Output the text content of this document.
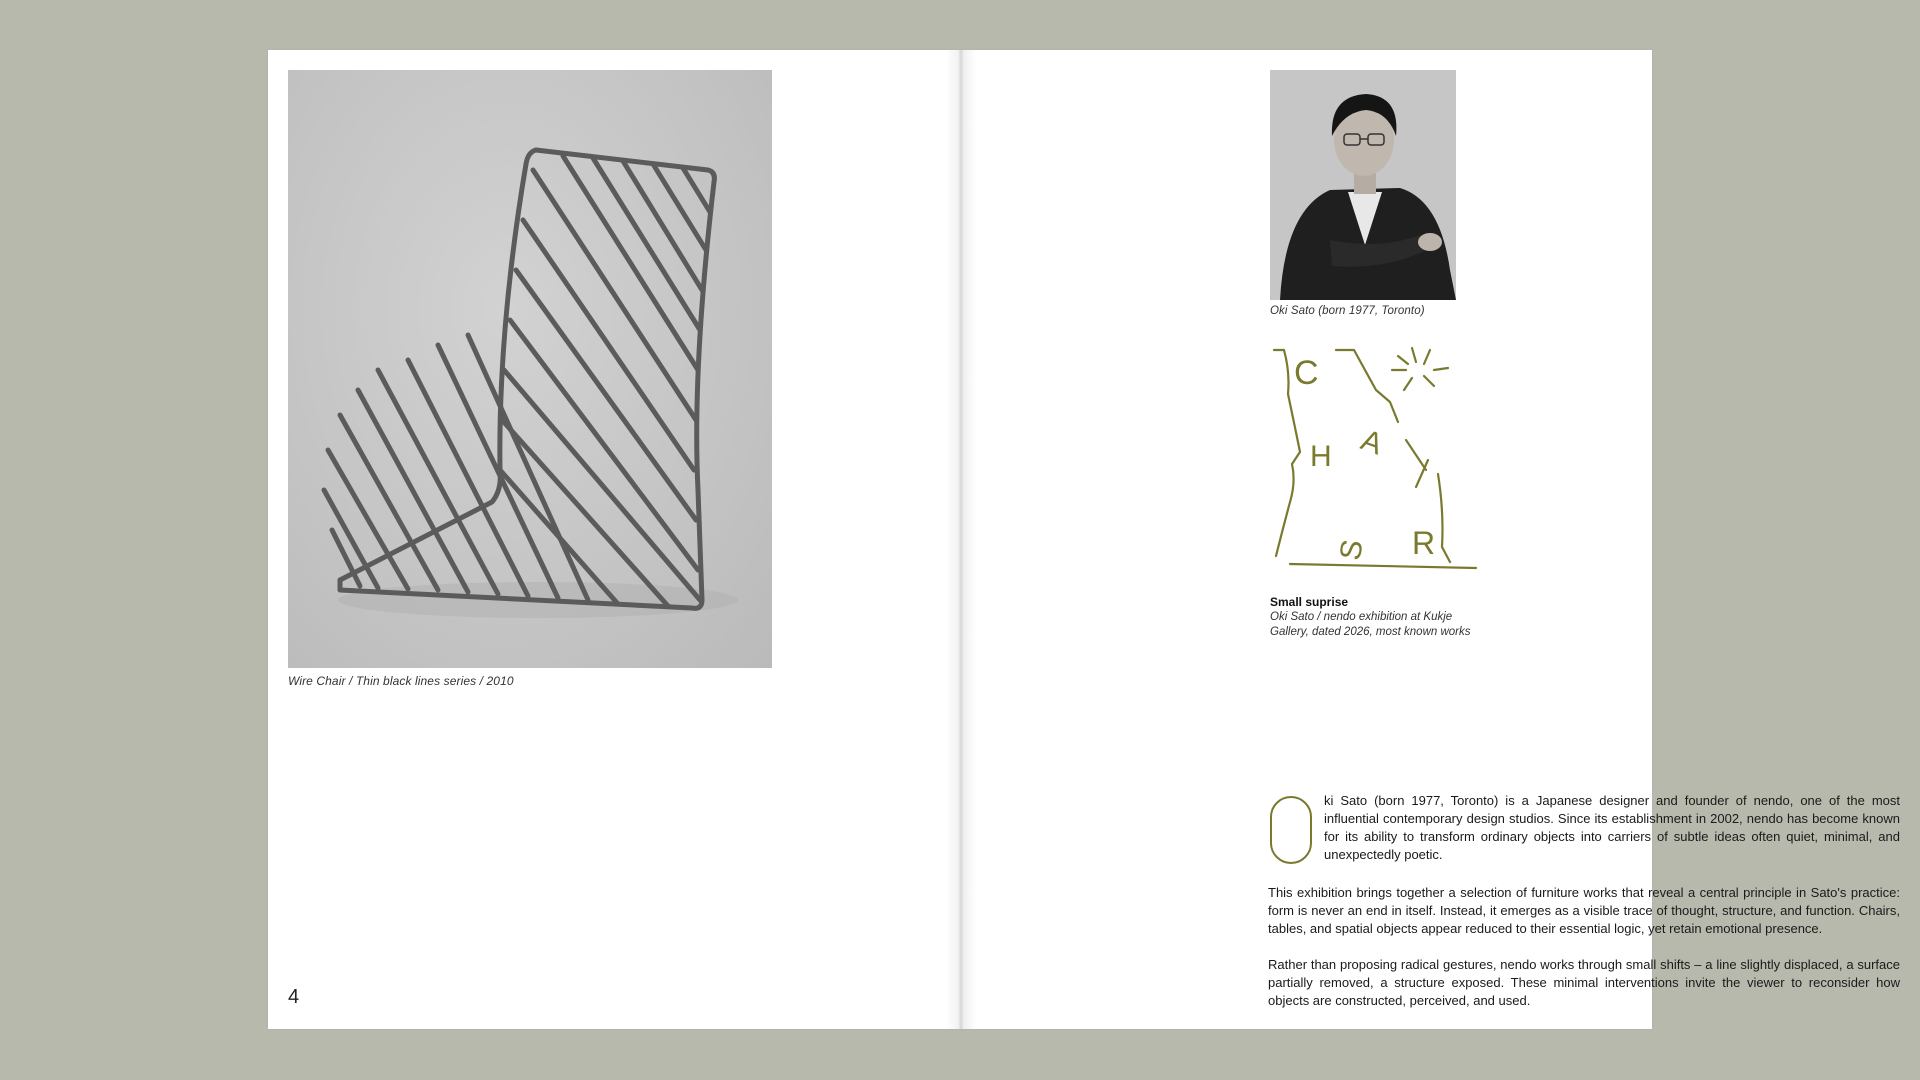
Wire Chair / Thin black lines series / 2010
4
Oki Sato (born 1977, Toronto)
C
H A
S R
Small suprise
Oki Sato / nendo exhibition at Kukje Gallery, dated 2026, most known works
O
ki Sato (born 1977, Toronto) is a Japanese designer and founder of nendo, one of the most influential contemporary design studios. Since its establishment in 2002, nendo has become known for its ability to transform ordinary objects into carriers of subtle ideas often quiet, minimal, and unexpectedly poetic.
This exhibition brings together a selection of furniture works that reveal a central principle in Sato's practice: form is never an end in itself. Instead, it emerges as a visible trace of thought, structure, and function. Chairs, tables, and spatial objects appear reduced to their essential logic, yet retain emotional presence.
Rather than proposing radical gestures, nendo works through small shifts – a line slightly displaced, a surface partially removed, a structure exposed. These minimal interventions invite the viewer to reconsider how objects are constructed, perceived, and used.
